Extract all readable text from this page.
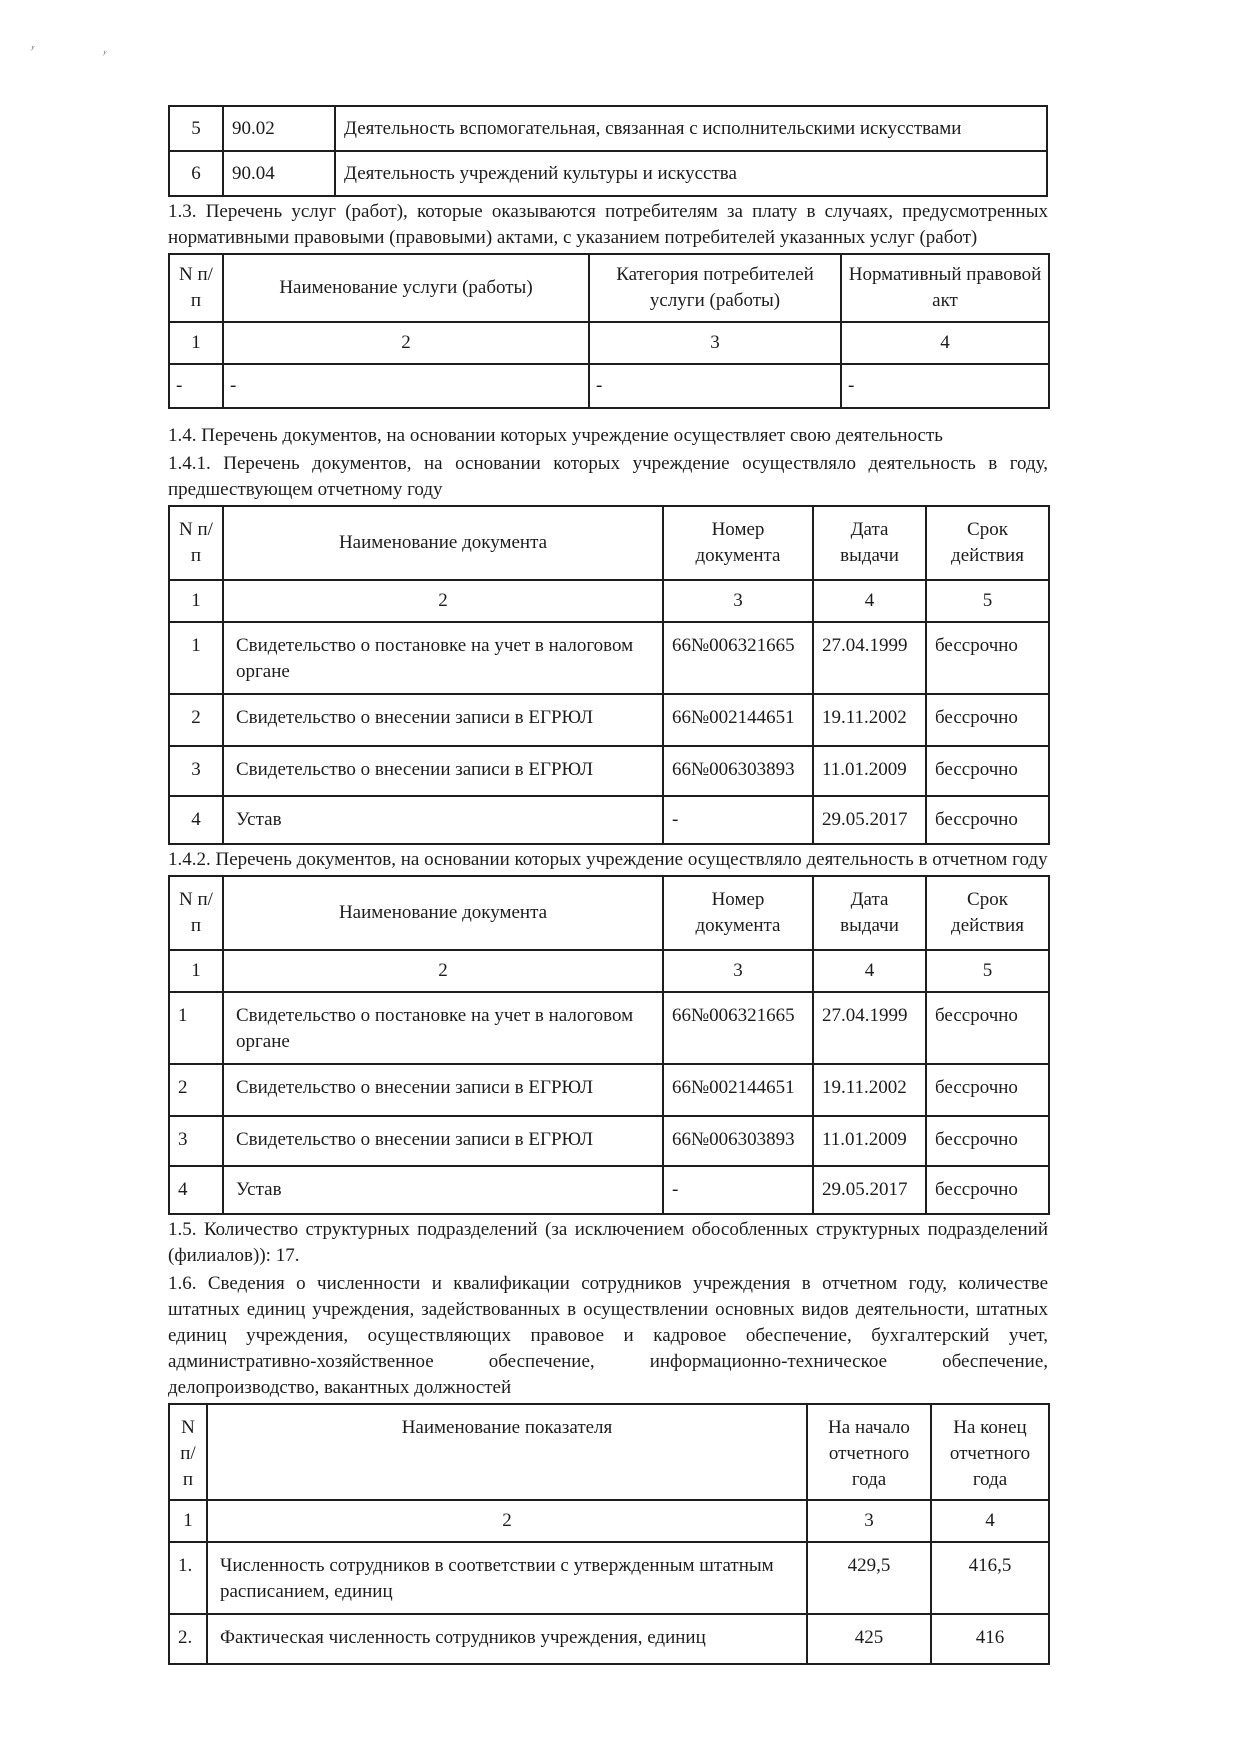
ʸ	ʸ
5	90.02	Деятельность вспомогательная, связанная с исполнительскими искусствами
6	90.04	Деятельность учреждений культуры и искусства

1.3. Перечень услуг (работ), которые оказываются потребителям за плату в случаях, предусмотренных нормативными правовыми (правовыми) актами, с указанием потребителей указанных услуг (работ)

N п/п	Наименование услуги (работы)	Категория потребителей услуги (работы)	Нормативный правовой акт
1	2	3	4
-	-	-	-

1.4. Перечень документов, на основании которых учреждение осуществляет свою деятельность

1.4.1. Перечень документов, на основании которых учреждение осуществляло деятельность в году, предшествующем отчетному году

N п/п	Наименование документа	Номер документа	Дата выдачи	Срок действия
1	2	3	4	5
1	Свидетельство о постановке на учет в налоговом органе	66№006321665	27.04.1999	бессрочно
2	Свидетельство о внесении записи в ЕГРЮЛ	66№002144651	19.11.2002	бессрочно
3	Свидетельство о внесении записи в ЕГРЮЛ	66№006303893	11.01.2009	бессрочно
4	Устав	-	29.05.2017	бессрочно

1.4.2. Перечень документов, на основании которых учреждение осуществляло деятельность в отчетном году

N п/п	Наименование документа	Номер документа	Дата выдачи	Срок действия
1	2	3	4	5
1	Свидетельство о постановке на учет в налоговом органе	66№006321665	27.04.1999	бессрочно
2	Свидетельство о внесении записи в ЕГРЮЛ	66№002144651	19.11.2002	бессрочно
3	Свидетельство о внесении записи в ЕГРЮЛ	66№006303893	11.01.2009	бессрочно
4	Устав	-	29.05.2017	бессрочно

1.5. Количество структурных подразделений (за исключением обособленных структурных подразделений (филиалов)): 17.

1.6. Сведения о численности и квалификации сотрудников учреждения в отчетном году, количестве штатных единиц учреждения, задействованных в осуществлении основных видов деятельности, штатных единиц учреждения, осуществляющих правовое и кадровое обеспечение, бухгалтерский учет, административно-хозяйственное обеспечение, информационно-техническое обеспечение, делопроизводство, вакантных должностей

N п/п	Наименование показателя	На начало отчетного года	На конец отчетного года
1	2	3	4
1.	Численность сотрудников в соответствии с утвержденным штатным расписанием, единиц	429,5	416,5
2.	Фактическая численность сотрудников учреждения, единиц	425	416
